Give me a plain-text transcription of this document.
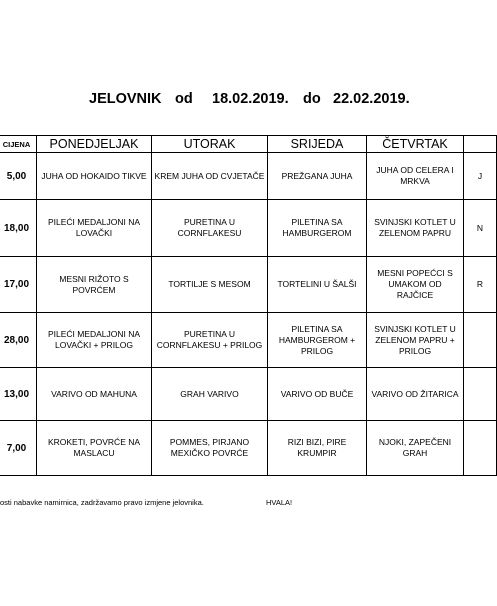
JELOVNIK od 18.02.2019. do 22.02.2019.
CIJENA	PONEDJELJAK	UTORAK	SRIJEDA	ČETVRTAK	
5,00	JUHA OD HOKAIDO TIKVE	KREM JUHA OD CVJETAČE	PREŽGANA JUHA	JUHA OD CELERA I MRKVA	J
18,00	PILEĆI MEDALJONI NA LOVAČKI	PURETINA U CORNFLAKESU	PILETINA SA HAMBURGEROM	SVINJSKI KOTLET U ZELENOM PAPRU	N
17,00	MESNI RIŽOTO S POVRĆEM	TORTILJE S MESOM	TORTELINI U ŠALŠI	MESNI POPEĆCI S UMAKOM OD RAJČICE	R
28,00	PILEĆI MEDALJONI NA LOVAČKI + PRILOG	PURETINA U CORNFLAKESU + PRILOG	PILETINA SA HAMBURGEROM + PRILOG	SVINJSKI KOTLET U ZELENOM PAPRU + PRILOG	
13,00	VARIVO OD MAHUNA	GRAH VARIVO	VARIVO OD BUČE	VARIVO OD ŽITARICA	
7,00	KROKETI, POVRĆE NA MASLACU	POMMES, PIRJANO MEXIČKO POVRĆE	RIZI BIZI, PIRE KRUMPIR	NJOKI, ZAPEČENI GRAH	
osti nabavke namirnica, zadržavamo pravo izmjene jelovnika.	HVALA!
